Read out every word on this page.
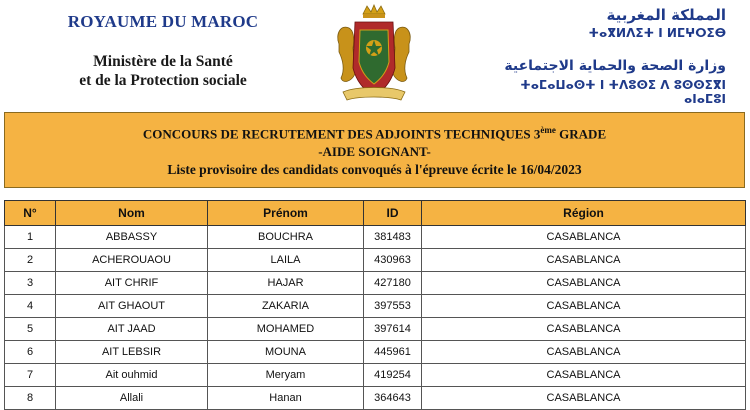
ROYAUME DU MAROC
Ministère de la Santé
et de la Protection sociale
المملكة المغربية
ⵜⴰⴳⵍⴷⵉⵜ ⵏ ⵍⵎⵖⵔⵉⴱ
وزارة الصحة والحماية الاجتماعية
ⵜⴰⵎⴰⵡⴰⵙⵜ ⵏ ⵜⴷⵓⵙⵉ ⴷ ⵓⵙⵙⵉⴳⵏ ⴰⵏⴰⵎⵓⵏ
CONCOURS DE RECRUTEMENT DES ADJOINTS TECHNIQUES 3ème GRADE
-AIDE SOIGNANT-
Liste provisoire des candidats convoqués à l'épreuve écrite le 16/04/2023
N°	Nom	Prénom	ID	Région
1	ABBASSY	BOUCHRA	381483	CASABLANCA
2	ACHEROUAOU	LAILA	430963	CASABLANCA
3	AIT CHRIF	HAJAR	427180	CASABLANCA
4	AIT GHAOUT	ZAKARIA	397553	CASABLANCA
5	AIT JAAD	MOHAMED	397614	CASABLANCA
6	AIT LEBSIR	MOUNA	445961	CASABLANCA
7	Ait ouhmid	Meryam	419254	CASABLANCA
8	Allali	Hanan	364643	CASABLANCA
